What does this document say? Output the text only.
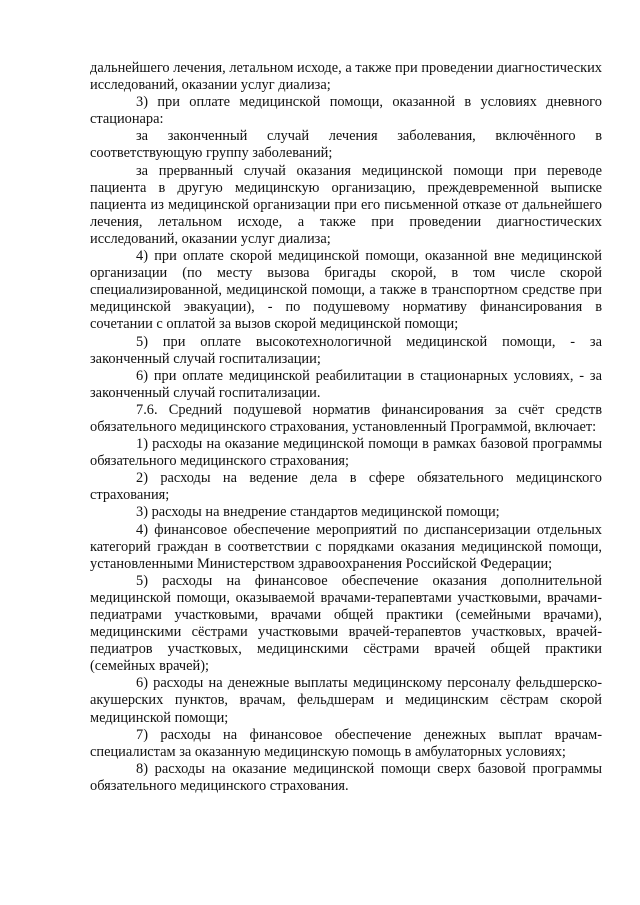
дальнейшего лечения, летальном исходе, а также при проведении диагностических исследований, оказании услуг диализа;

3) при оплате медицинской помощи, оказанной в условиях дневного стационара:

за законченный случай лечения заболевания, включённого в соответствующую группу заболеваний;

за прерванный случай оказания медицинской помощи при переводе пациента в другую медицинскую организацию, преждевременной выписке пациента из медицинской организации при его письменной отказе от дальнейшего лечения, летальном исходе, а также при проведении диагностических исследований, оказании услуг диализа;

4) при оплате скорой медицинской помощи, оказанной вне медицинской организации (по месту вызова бригады скорой, в том числе скорой специализированной, медицинской помощи, а также в транспортном средстве при медицинской эвакуации), - по подушевому нормативу финансирования в сочетании с оплатой за вызов скорой медицинской помощи;

5) при оплате высокотехнологичной медицинской помощи, - за законченный случай госпитализации;

6) при оплате медицинской реабилитации в стационарных условиях, - за законченный случай госпитализации.

7.6. Средний подушевой норматив финансирования за счёт средств обязательного медицинского страхования, установленный Программой, включает:

1) расходы на оказание медицинской помощи в рамках базовой программы обязательного медицинского страхования;

2) расходы на ведение дела в сфере обязательного медицинского страхования;

3) расходы на внедрение стандартов медицинской помощи;

4) финансовое обеспечение мероприятий по диспансеризации отдельных категорий граждан в соответствии с порядками оказания медицинской помощи, установленными Министерством здравоохранения Российской Федерации;

5) расходы на финансовое обеспечение оказания дополнительной медицинской помощи, оказываемой врачами-терапевтами участковыми, врачами-педиатрами участковыми, врачами общей практики (семейными врачами), медицинскими сёстрами участковыми врачей-терапевтов участковых, врачей-педиатров участковых, медицинскими сёстрами врачей общей практики (семейных врачей);

6) расходы на денежные выплаты медицинскому персоналу фельдшерско-акушерских пунктов, врачам, фельдшерам и медицинским сёстрам скорой медицинской помощи;

7) расходы на финансовое обеспечение денежных выплат врачам-специалистам за оказанную медицинскую помощь в амбулаторных условиях;

8) расходы на оказание медицинской помощи сверх базовой программы обязательного медицинского страхования.
